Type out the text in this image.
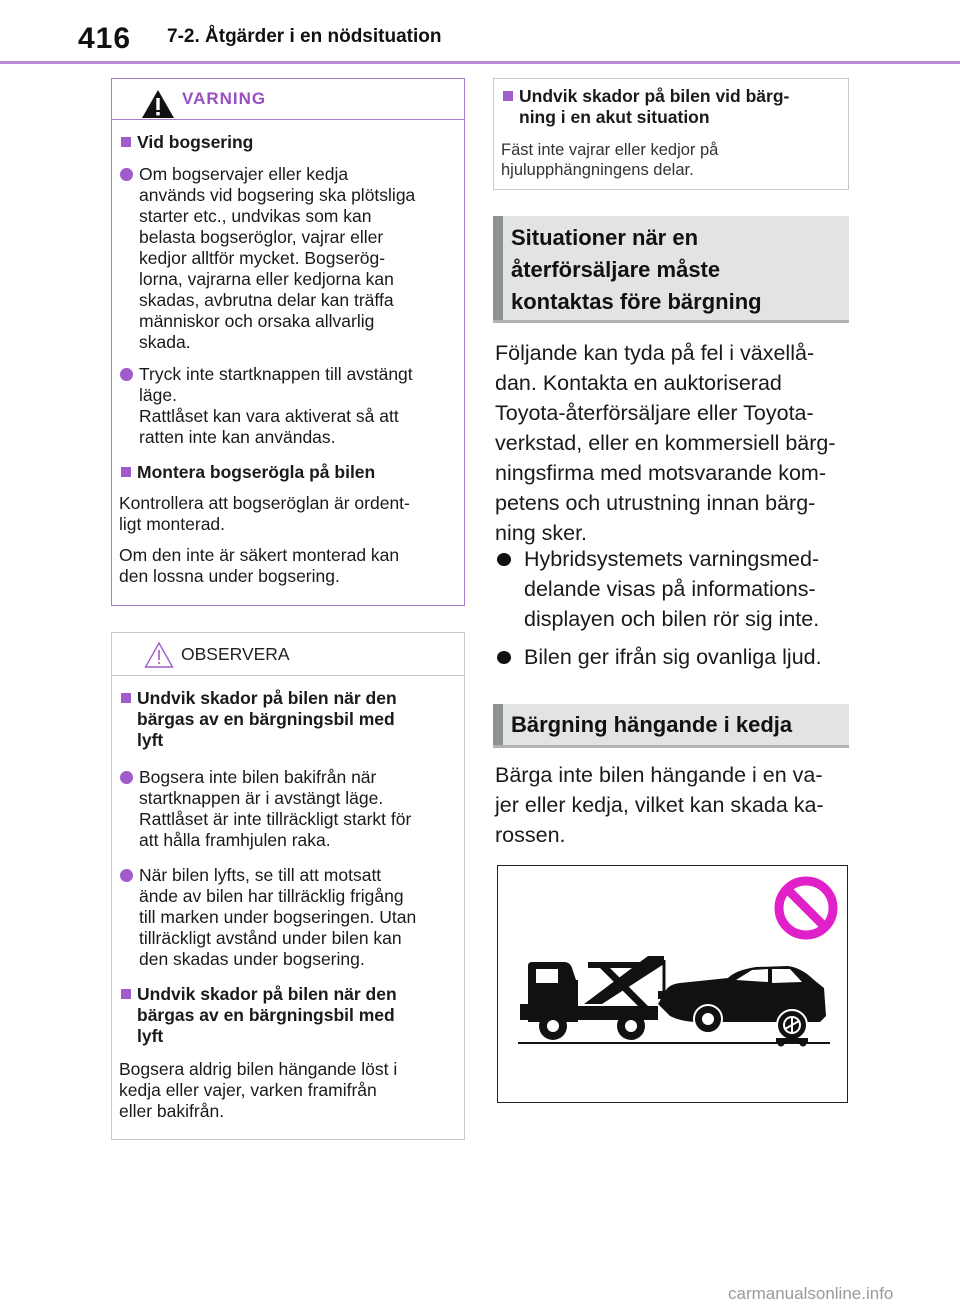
416 7-2. Åtgärder i en nödsituation
VARNING
Vid bogsering
Om bogservajer eller kedja
används vid bogsering ska plötsliga
starter etc., undvikas som kan
belasta bogseröglor, vajrar eller
kedjor alltför mycket. Bogserög-
lorna, vajrarna eller kedjorna kan
skadas, avbrutna delar kan träffa
människor och orsaka allvarlig
skada.
Tryck inte startknappen till avstängt
läge.
Rattlåset kan vara aktiverat så att
ratten inte kan användas.
Montera bogserögla på bilen
Kontrollera att bogseröglan är ordent-
ligt monterad.
Om den inte är säkert monterad kan
den lossna under bogsering.
OBSERVERA
Undvik skador på bilen när den
bärgas av en bärgningsbil med
lyft
Bogsera inte bilen bakifrån när
startknappen är i avstängt läge.
Rattlåset är inte tillräckligt starkt för
att hålla framhjulen raka.
När bilen lyfts, se till att motsatt
ände av bilen har tillräcklig frigång
till marken under bogseringen. Utan
tillräckligt avstånd under bilen kan
den skadas under bogsering.
Undvik skador på bilen när den
bärgas av en bärgningsbil med
lyft
Bogsera aldrig bilen hängande löst i
kedja eller vajer, varken framifrån
eller bakifrån.
Undvik skador på bilen vid bärg-
ning i en akut situation
Fäst inte vajrar eller kedjor på
hjulupphängningens delar.
Situationer när en
återförsäljare måste
kontaktas före bärgning
Följande kan tyda på fel i växellå-
dan. Kontakta en auktoriserad
Toyota-återförsäljare eller Toyota-
verkstad, eller en kommersiell bärg-
ningsfirma med motsvarande kom-
petens och utrustning innan bärg-
ning sker.
Hybridsystemets varningsmed-
delande visas på informations-
displayen och bilen rör sig inte.
Bilen ger ifrån sig ovanliga ljud.
Bärgning hängande i kedja
Bärga inte bilen hängande i en va-
jer eller kedja, vilket kan skada ka-
rossen.
carmanualsonline.info
